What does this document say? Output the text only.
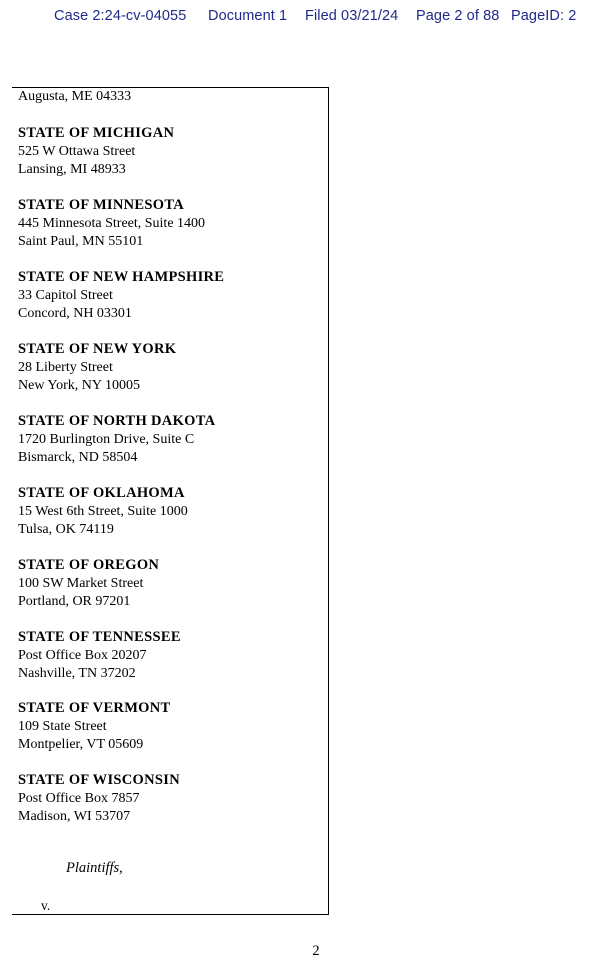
Case 2:24-cv-04055 Document 1 Filed 03/21/24 Page 2 of 88 PageID: 2
Augusta, ME 04333
STATE OF MICHIGAN
525 W Ottawa Street
Lansing, MI 48933
STATE OF MINNESOTA
445 Minnesota Street, Suite 1400
Saint Paul, MN 55101
STATE OF NEW HAMPSHIRE
33 Capitol Street
Concord, NH 03301
STATE OF NEW YORK
28 Liberty Street
New York, NY 10005
STATE OF NORTH DAKOTA
1720 Burlington Drive, Suite C
Bismarck, ND 58504
STATE OF OKLAHOMA
15 West 6th Street, Suite 1000
Tulsa, OK 74119
STATE OF OREGON
100 SW Market Street
Portland, OR 97201
STATE OF TENNESSEE
Post Office Box 20207
Nashville, TN 37202
STATE OF VERMONT
109 State Street
Montpelier, VT 05609
STATE OF WISCONSIN
Post Office Box 7857
Madison, WI 53707
Plaintiffs,
v.
2
